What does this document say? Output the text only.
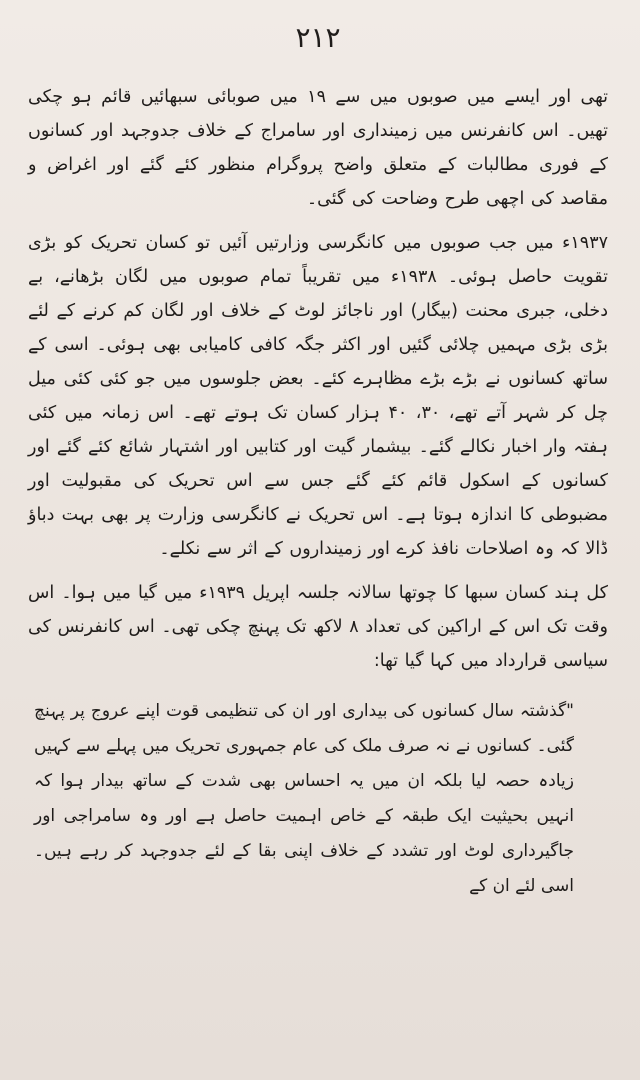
۲۱۲

تھی اور ایسے میں صوبوں میں سے ۱۹ میں صوبائی سبھائیں قائم ہو چکی تھیں۔ اس کانفرنس میں زمینداری اور سامراج کے خلاف جدوجہد اور کسانوں کے فوری مطالبات کے متعلق واضح پروگرام منظور کئے گئے اور اغراض و مقاصد کی اچھی طرح وضاحت کی گئی۔

۱۹۳۷ء میں جب صوبوں میں کانگرسی وزارتیں آئیں تو کسان تحریک کو بڑی تقویت حاصل ہوئی۔ ۱۹۳۸ء میں تقریباً تمام صوبوں میں لگان بڑھانے، بے دخلی، جبری محنت (بیگار) اور ناجائز لوٹ کے خلاف اور لگان کم کرنے کے لئے بڑی بڑی مہمیں چلائی گئیں اور اکثر جگہ کافی کامیابی بھی ہوئی۔ اسی کے ساتھ کسانوں نے بڑے بڑے مظاہرے کئے۔ بعض جلوسوں میں جو کئی کئی میل چل کر شہر آتے تھے، ۳۰، ۴۰ ہزار کسان تک ہوتے تھے۔ اس زمانہ میں کئی ہفتہ وار اخبار نکالے گئے۔ بیشمار گیت اور کتابیں اور اشتہار شائع کئے گئے اور کسانوں کے اسکول قائم کئے گئے جس سے اس تحریک کی مقبولیت اور مضبوطی کا اندازہ ہوتا ہے۔ اس تحریک نے کانگرسی وزارت پر بھی بہت دباؤ ڈالا کہ وہ اصلاحات نافذ کرے اور زمینداروں کے اثر سے نکلے۔

کل ہند کسان سبھا کا چوتھا سالانہ جلسہ اپریل ۱۹۳۹ء میں گیا میں ہوا۔ اس وقت تک اس کے اراکین کی تعداد ۸ لاکھ تک پہنچ چکی تھی۔ اس کانفرنس کی سیاسی قرارداد میں کہا گیا تھا:

"گذشتہ سال کسانوں کی بیداری اور ان کی تنظیمی قوت اپنے عروج پر پہنچ گئی۔ کسانوں نے نہ صرف ملک کی عام جمہوری تحریک میں پہلے سے کہیں زیادہ حصہ لیا بلکہ ان میں یہ احساس بھی شدت کے ساتھ بیدار ہوا کہ انہیں بحیثیت ایک طبقہ کے خاص اہمیت حاصل ہے اور وہ سامراجی اور جاگیرداری لوٹ اور تشدد کے خلاف اپنی بقا کے لئے جدوجہد کر رہے ہیں۔ اسی لئے ان کے
